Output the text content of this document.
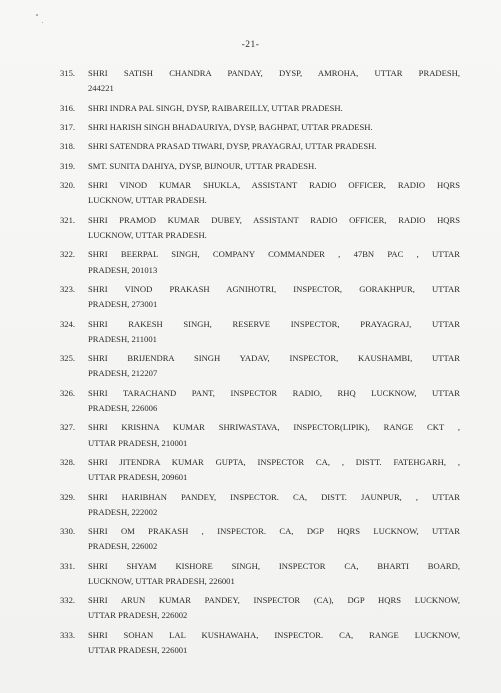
-21-
315.	SHRI SATISH CHANDRA PANDAY, DYSP, AMROHA, UTTAR PRADESH,
244221
316.	SHRI INDRA PAL SINGH, DYSP, RAIBAREILLY, UTTAR PRADESH.
317.	SHRI HARISH SINGH BHADAURIYA, DYSP, BAGHPAT, UTTAR PRADESH.
318.	SHRI SATENDRA PRASAD TIWARI, DYSP, PRAYAGRAJ, UTTAR PRADESH.
319.	SMT. SUNITA DAHIYA, DYSP, BIJNOUR, UTTAR PRADESH.
320.	SHRI VINOD KUMAR SHUKLA, ASSISTANT RADIO OFFICER, RADIO HQRS
LUCKNOW, UTTAR PRADESH.
321.	SHRI PRAMOD KUMAR DUBEY, ASSISTANT RADIO OFFICER, RADIO HQRS
LUCKNOW, UTTAR PRADESH.
322.	SHRI BEERPAL SINGH, COMPANY COMMANDER , 47BN PAC , UTTAR
PRADESH, 201013
323.	SHRI VINOD PRAKASH AGNIHOTRI, INSPECTOR, GORAKHPUR, UTTAR
PRADESH, 273001
324.	SHRI RAKESH SINGH, RESERVE INSPECTOR, PRAYAGRAJ, UTTAR
PRADESH, 211001
325.	SHRI BRIJENDRA SINGH YADAV, INSPECTOR, KAUSHAMBI, UTTAR
PRADESH, 212207
326.	SHRI TARACHAND PANT, INSPECTOR RADIO, RHQ LUCKNOW, UTTAR
PRADESH, 226006
327.	SHRI KRISHNA KUMAR SHRIWASTAVA, INSPECTOR(LIPIK), RANGE CKT ,
UTTAR PRADESH, 210001
328.	SHRI JITENDRA KUMAR GUPTA, INSPECTOR CA, , DISTT. FATEHGARH, ,
UTTAR PRADESH, 209601
329.	SHRI HARIBHAN PANDEY, INSPECTOR. CA, DISTT. JAUNPUR, , UTTAR
PRADESH, 222002
330.	SHRI OM PRAKASH , INSPECTOR. CA, DGP HQRS LUCKNOW, UTTAR
PRADESH, 226002
331.	SHRI SHYAM KISHORE SINGH, INSPECTOR CA, BHARTI BOARD,
LUCKNOW, UTTAR PRADESH, 226001
332.	SHRI ARUN KUMAR PANDEY, INSPECTOR (CA), DGP HQRS LUCKNOW,
UTTAR PRADESH, 226002
333.	SHRI SOHAN LAL KUSHAWAHA, INSPECTOR. CA, RANGE LUCKNOW,
UTTAR PRADESH, 226001
